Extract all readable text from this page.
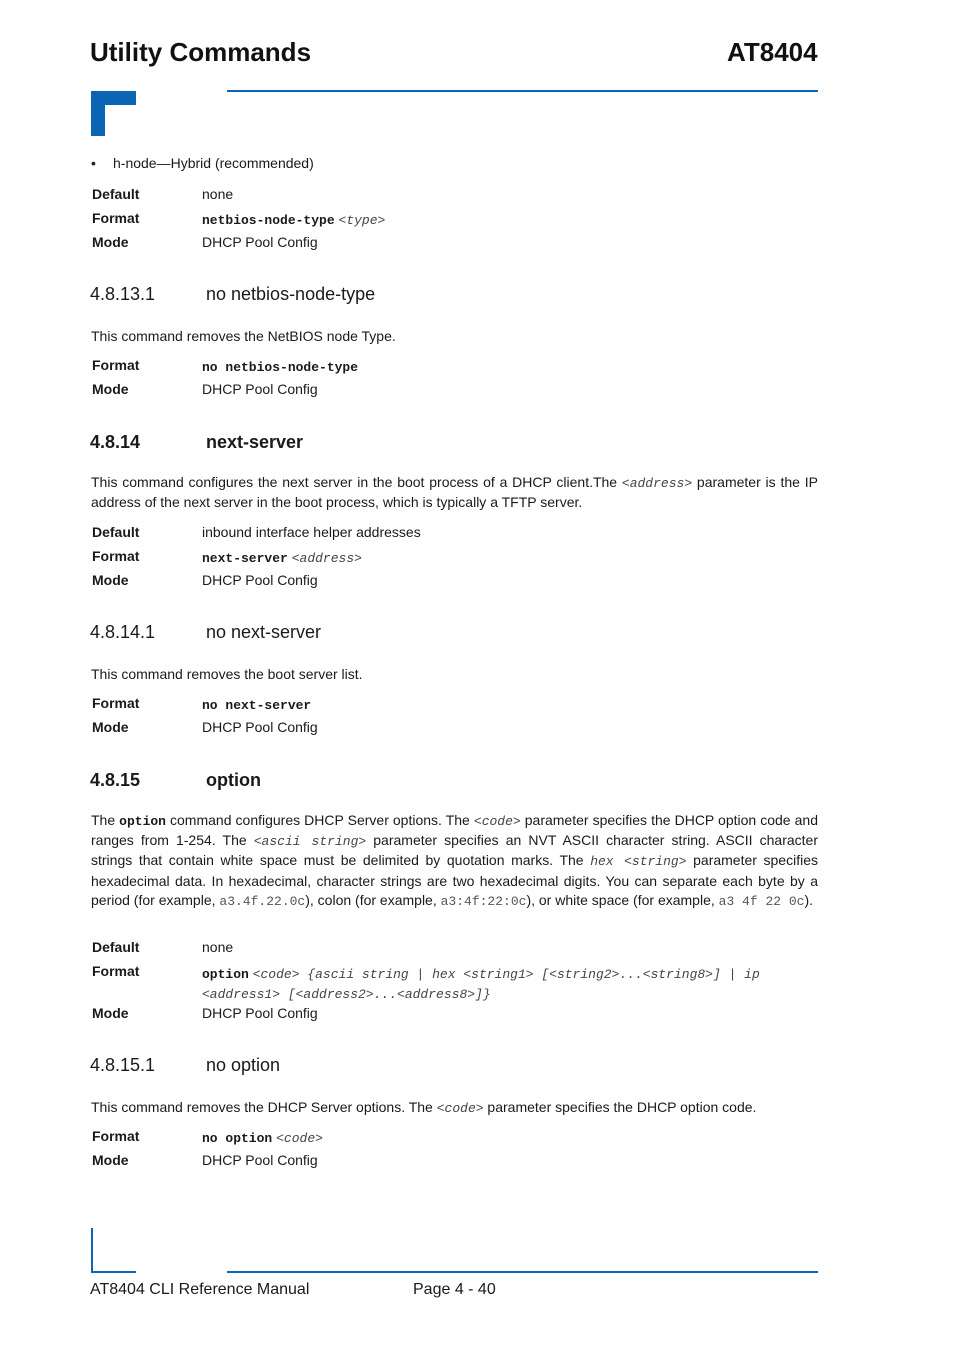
Utility Commands	AT8404
• h-node—Hybrid (recommended)
Default	none
Format	netbios-node-type <type>
Mode	DHCP Pool Config
4.8.13.1	no netbios-node-type
This command removes the NetBIOS node Type.
Format	no netbios-node-type
Mode	DHCP Pool Config
4.8.14	next-server
This command configures the next server in the boot process of a DHCP client.The <address> parameter is the IP address of the next server in the boot process, which is typically a TFTP server.
Default	inbound interface helper addresses
Format	next-server <address>
Mode	DHCP Pool Config
4.8.14.1	no next-server
This command removes the boot server list.
Format	no next-server
Mode	DHCP Pool Config
4.8.15	option
The option command configures DHCP Server options. The <code> parameter specifies the DHCP option code and ranges from 1-254. The <ascii string> parameter specifies an NVT ASCII character string. ASCII character strings that contain white space must be delimited by quotation marks. The hex <string> parameter specifies hexadecimal data. In hexadecimal, character strings are two hexadecimal digits. You can separate each byte by a period (for example, a3.4f.22.0c), colon (for example, a3:4f:22:0c), or white space (for example, a3 4f 22 0c).
Default	none
Format	option <code> {ascii string | hex <string1> [<string2>...<string8>] | ip
<address1> [<address2>...<address8>]}
Mode	DHCP Pool Config
4.8.15.1	no option
This command removes the DHCP Server options. The <code> parameter specifies the DHCP option code.
Format	no option <code>
Mode	DHCP Pool Config
AT8404 CLI Reference Manual	Page 4 - 40
